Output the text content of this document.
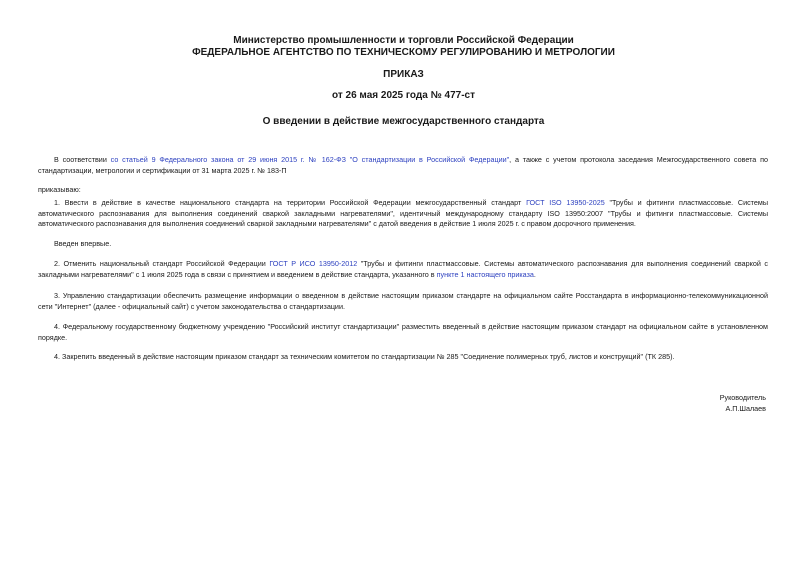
Министерство промышленности и торговли Российской Федерации
ФЕДЕРАЛЬНОЕ АГЕНТСТВО ПО ТЕХНИЧЕСКОМУ РЕГУЛИРОВАНИЮ И МЕТРОЛОГИИ
ПРИКАЗ
от 26 мая 2025 года № 477-ст
О введении в действие межгосударственного стандарта
В соответствии со статьей 9 Федерального закона от 29 июня 2015 г. № 162-ФЗ "О стандартизации в Российской Федерации", а также с учетом протокола заседания Межгосударственного совета по стандартизации, метрологии и сертификации от 31 марта 2025 г. № 183-П
приказываю:
1. Ввести в действие в качестве национального стандарта на территории Российской Федерации межгосударственный стандарт ГОСТ ISO 13950-2025 "Трубы и фитинги пластмассовые. Системы автоматического распознавания для выполнения соединений сваркой закладными нагревателями", идентичный международному стандарту ISO 13950:2007 "Трубы и фитинги пластмассовые. Системы автоматического распознавания для выполнения соединений сваркой закладными нагревателями" с датой введения в действие 1 июля 2025 г. с правом досрочного применения.
Введен впервые.
2. Отменить национальный стандарт Российской Федерации ГОСТ Р ИСО 13950-2012 "Трубы и фитинги пластмассовые. Системы автоматического распознавания для выполнения соединений сваркой с закладными нагревателями" с 1 июля 2025 года в связи с принятием и введением в действие стандарта, указанного в пункте 1 настоящего приказа.
3. Управлению стандартизации обеспечить размещение информации о введенном в действие настоящим приказом стандарте на официальном сайте Росстандарта в информационно-телекоммуникационной сети "Интернет" (далее - официальный сайт) с учетом законодательства о стандартизации.
4. Федеральному государственному бюджетному учреждению "Российский институт стандартизации" разместить введенный в действие настоящим приказом стандарт на официальном сайте в установленном порядке.
4. Закрепить введенный в действие настоящим приказом стандарт за техническим комитетом по стандартизации № 285 "Соединение полимерных труб, листов и конструкций" (ТК 285).
Руководитель
А.П.Шалаев
